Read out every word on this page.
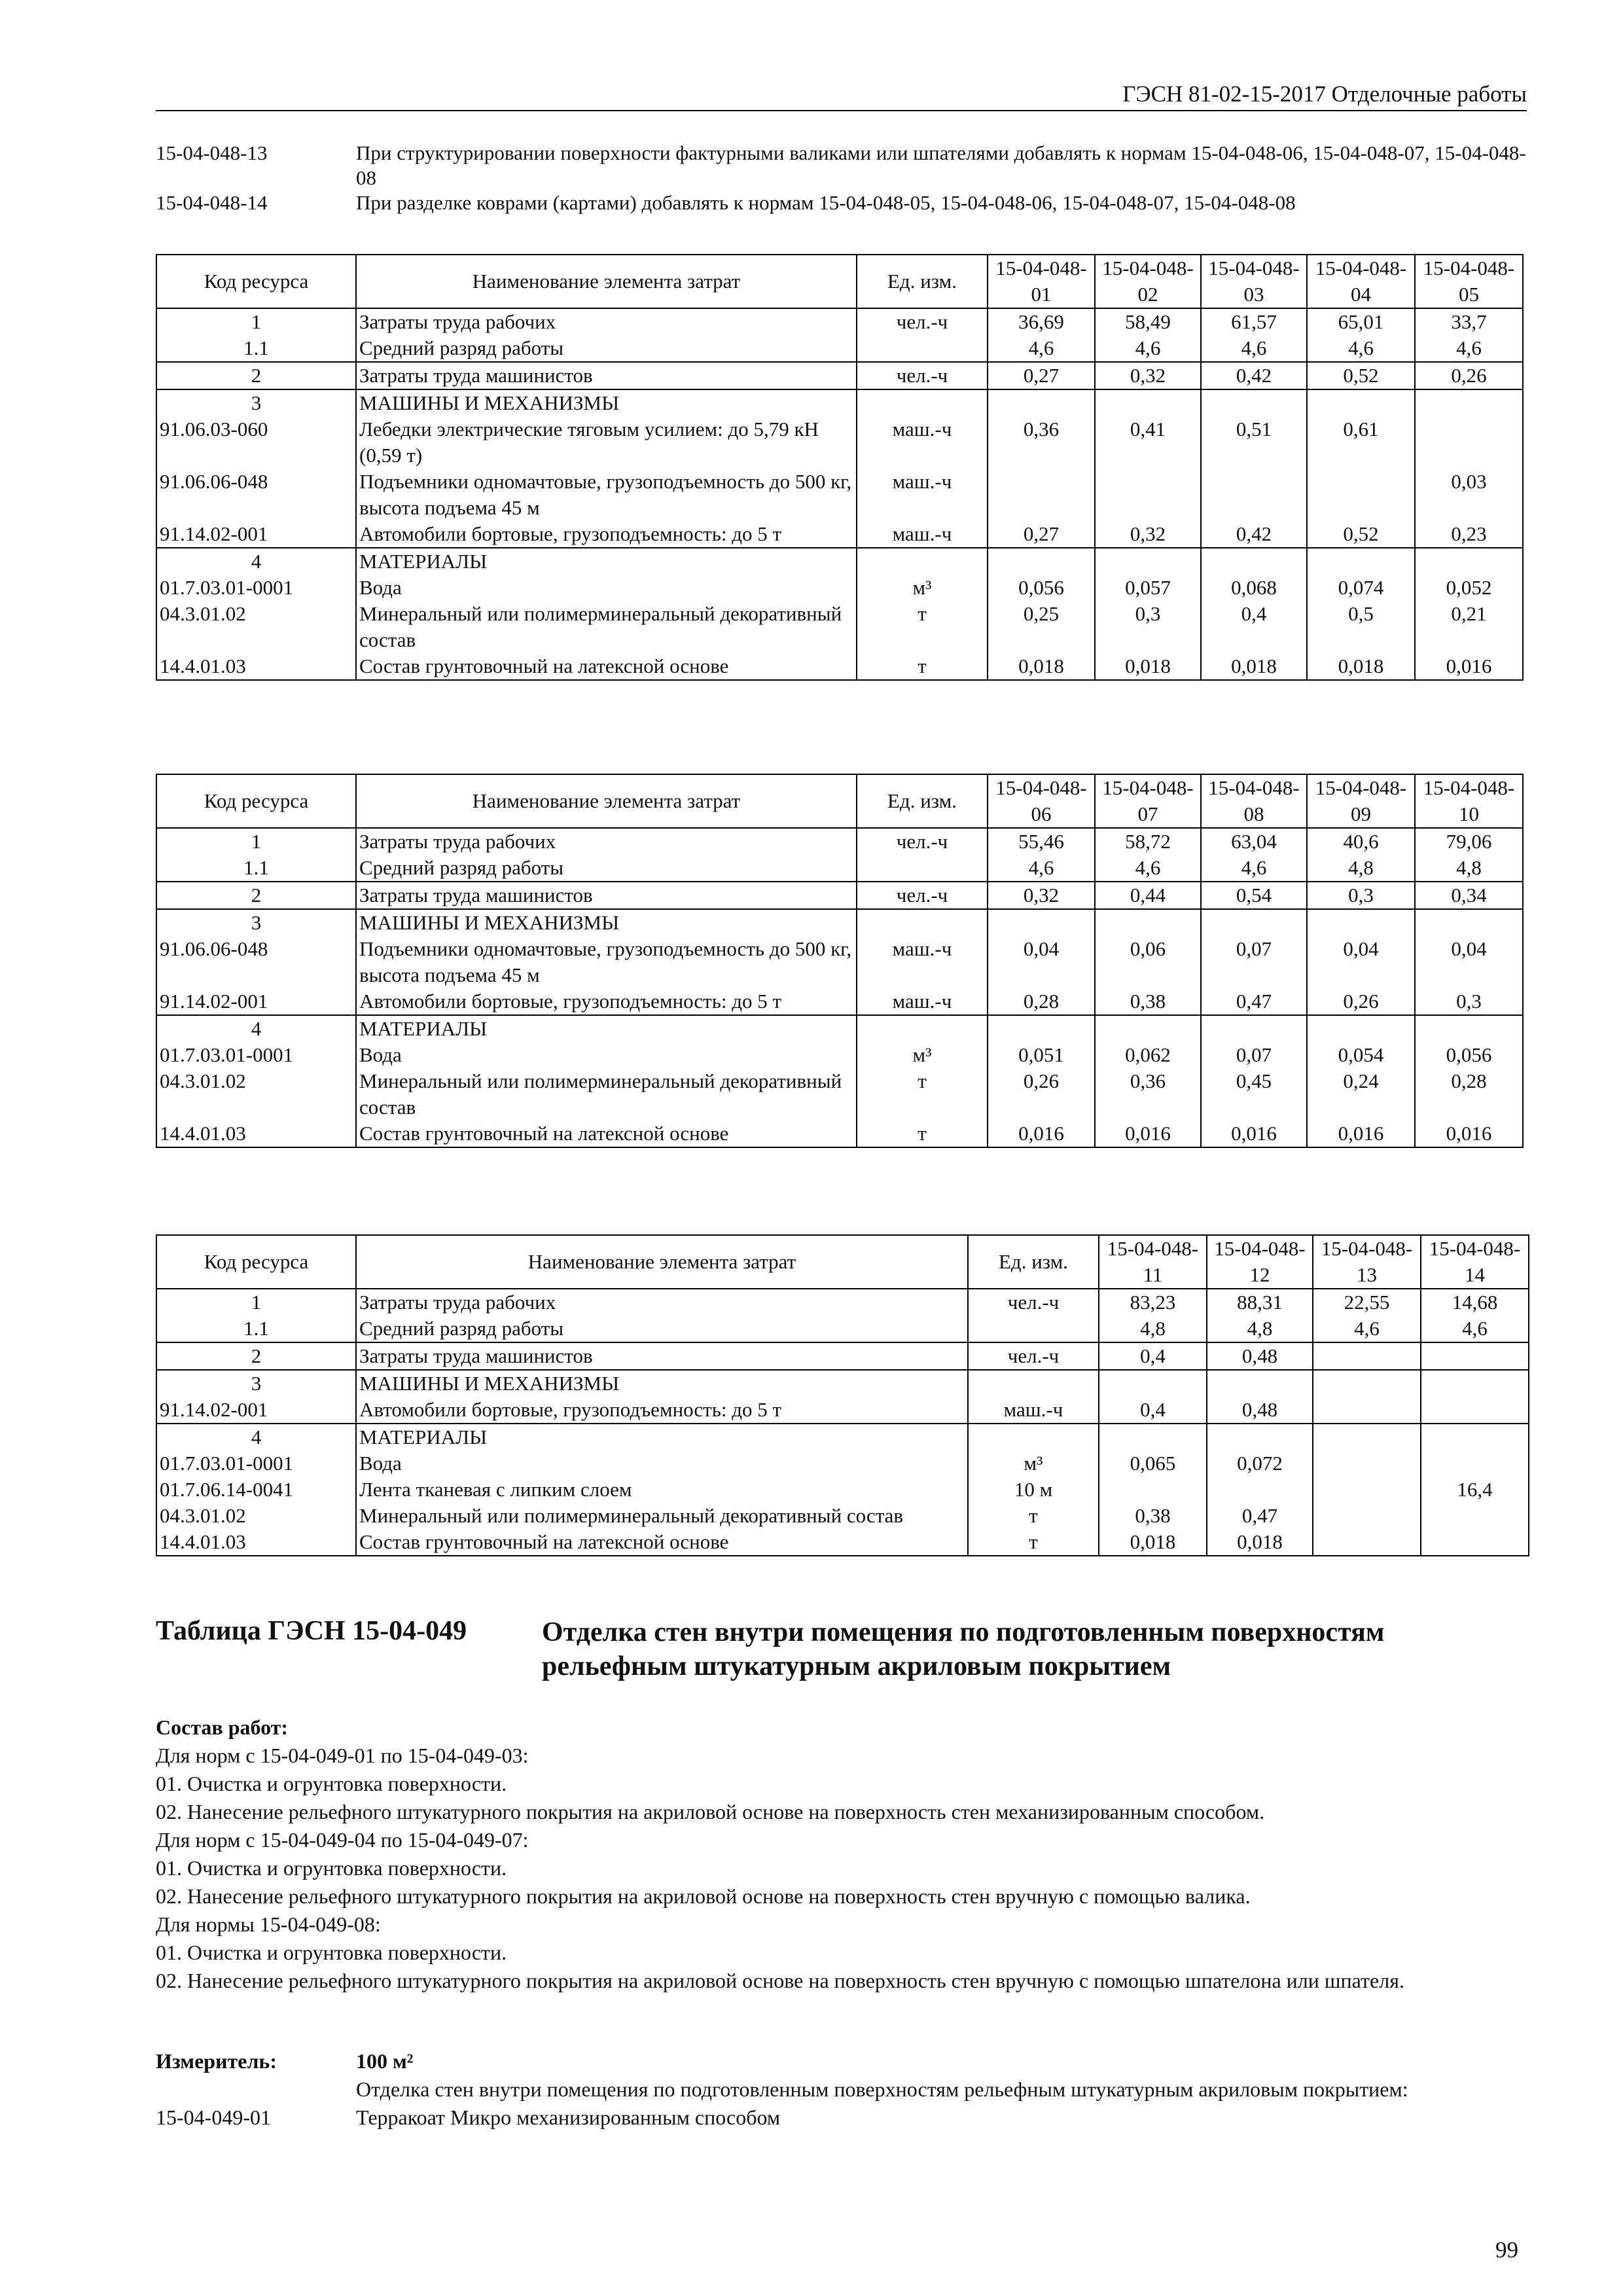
ГЭСН 81-02-15-2017 Отделочные работы
15-04-048-13	При структурировании поверхности фактурными валиками или шпателями добавлять к нормам 15-04-048-06, 15-04-048-07, 15-04-048-08
15-04-048-14	При разделке коврами (картами) добавлять к нормам 15-04-048-05, 15-04-048-06, 15-04-048-07, 15-04-048-08
Код ресурса	Наименование элемента затрат	Ед. изм.	15-04-048-01	15-04-048-02	15-04-048-03	15-04-048-04	15-04-048-05
1	Затраты труда рабочих	чел.-ч	36,69	58,49	61,57	65,01	33,7
1.1	Средний разряд работы		4,6	4,6	4,6	4,6	4,6
2	Затраты труда машинистов	чел.-ч	0,27	0,32	0,42	0,52	0,26
3	МАШИНЫ И МЕХАНИЗМЫ						
91.06.03-060	Лебедки электрические тяговым усилием: до 5,79 кН (0,59 т)	маш.-ч	0,36	0,41	0,51	0,61	
91.06.06-048	Подъемники одномачтовые, грузоподъемность до 500 кг, высота подъема 45 м	маш.-ч					0,03
91.14.02-001	Автомобили бортовые, грузоподъемность: до 5 т	маш.-ч	0,27	0,32	0,42	0,52	0,23
4	МАТЕРИАЛЫ						
01.7.03.01-0001	Вода	м³	0,056	0,057	0,068	0,074	0,052
04.3.01.02	Минеральный или полимерминеральный декоративный состав	т	0,25	0,3	0,4	0,5	0,21
14.4.01.03	Состав грунтовочный на латексной основе	т	0,018	0,018	0,018	0,018	0,016
Код ресурса	Наименование элемента затрат	Ед. изм.	15-04-048-06	15-04-048-07	15-04-048-08	15-04-048-09	15-04-048-10
1	Затраты труда рабочих	чел.-ч	55,46	58,72	63,04	40,6	79,06
1.1	Средний разряд работы		4,6	4,6	4,6	4,8	4,8
2	Затраты труда машинистов	чел.-ч	0,32	0,44	0,54	0,3	0,34
3	МАШИНЫ И МЕХАНИЗМЫ						
91.06.06-048	Подъемники одномачтовые, грузоподъемность до 500 кг, высота подъема 45 м	маш.-ч	0,04	0,06	0,07	0,04	0,04
91.14.02-001	Автомобили бортовые, грузоподъемность: до 5 т	маш.-ч	0,28	0,38	0,47	0,26	0,3
4	МАТЕРИАЛЫ						
01.7.03.01-0001	Вода	м³	0,051	0,062	0,07	0,054	0,056
04.3.01.02	Минеральный или полимерминеральный декоративный состав	т	0,26	0,36	0,45	0,24	0,28
14.4.01.03	Состав грунтовочный на латексной основе	т	0,016	0,016	0,016	0,016	0,016
Код ресурса	Наименование элемента затрат	Ед. изм.	15-04-048-11	15-04-048-12	15-04-048-13	15-04-048-14
1	Затраты труда рабочих	чел.-ч	83,23	88,31	22,55	14,68
1.1	Средний разряд работы		4,8	4,8	4,6	4,6
2	Затраты труда машинистов	чел.-ч	0,4	0,48		
3	МАШИНЫ И МЕХАНИЗМЫ					
91.14.02-001	Автомобили бортовые, грузоподъемность: до 5 т	маш.-ч	0,4	0,48		
4	МАТЕРИАЛЫ					
01.7.03.01-0001	Вода	м³	0,065	0,072		
01.7.06.14-0041	Лента тканевая с липким слоем	10 м				16,4
04.3.01.02	Минеральный или полимерминеральный декоративный состав	т	0,38	0,47		
14.4.01.03	Состав грунтовочный на латексной основе	т	0,018	0,018		
Таблица ГЭСН 15-04-049	Отделка стен внутри помещения по подготовленным поверхностям рельефным штукатурным акриловым покрытием
Состав работ:
Для норм с 15-04-049-01 по 15-04-049-03:
01. Очистка и огрунтовка поверхности.
02. Нанесение рельефного штукатурного покрытия на акриловой основе на поверхность стен механизированным способом.
Для норм с 15-04-049-04 по 15-04-049-07:
01. Очистка и огрунтовка поверхности.
02. Нанесение рельефного штукатурного покрытия на акриловой основе на поверхность стен вручную с помощью валика.
Для нормы 15-04-049-08:
01. Очистка и огрунтовка поверхности.
02. Нанесение рельефного штукатурного покрытия на акриловой основе на поверхность стен вручную с помощью шпателона или шпателя.
Измеритель:	100 м²
Отделка стен внутри помещения по подготовленным поверхностям рельефным штукатурным акриловым покрытием:
15-04-049-01	Терракоат Микро механизированным способом
99
